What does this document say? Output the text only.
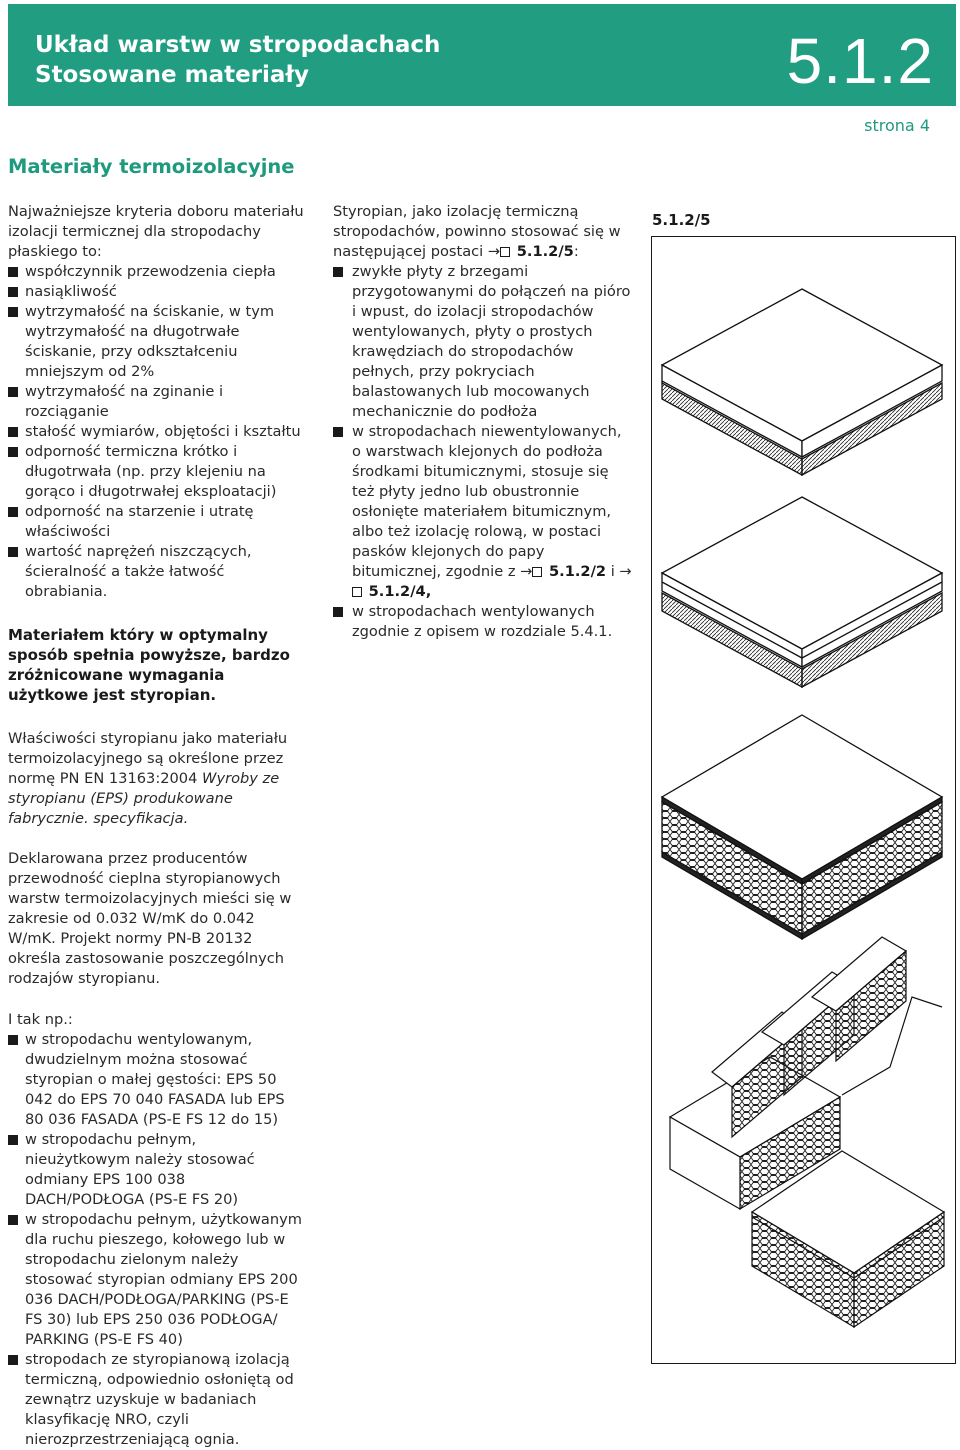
Układ warstw w stropodachach
Stosowane materiały	5.1.2
strona 4
Materiały termoizolacyjne

Najważniejsze kryteria doboru materiału izolacji termicznej dla stropodachy płaskiego to:

współczynnik przewodzenia ciepła
nasiąkliwość
wytrzymałość na ściskanie, w tym wytrzymałość na długotrwałe ściskanie, przy odkształceniu mniejszym od 2%
wytrzymałość na zginanie i rozciąganie
stałość wymiarów, objętości i kształtu
odporność termiczna krótko i długotrwała (np. przy klejeniu na gorąco i długotrwałej eksploatacji)
odporność na starzenie i utratę właściwości
wartość naprężeń niszczących, ścieralność a także łatwość obrabiania.

Materiałem który w optymalny sposób spełnia powyższe, bardzo zróżnicowane wymagania użytkowe jest styropian.

Właściwości styropianu jako materiału termoizolacyjnego są określone przez normę PN EN 13163:2004 Wyroby ze styropianu (EPS) produkowane fabrycznie. specyfikacja.

Deklarowana przez producentów przewodność cieplna styropianowych warstw termoizolacyjnych mieści się w zakresie od 0.032 W/mK do 0.042 W/mK. Projekt normy PN-B 20132 określa zastosowanie poszczególnych rodzajów styropianu.

I tak np.:

w stropodachu wentylowanym, dwudzielnym można stosować styropian o małej gęstości: EPS 50 042 do EPS 70 040 FASADA lub EPS 80 036 FASADA (PS-E FS 12 do 15)
w stropodachu pełnym, nieużytkowym należy stosować odmiany EPS 100 038 DACH/PODŁOGA (PS-E FS 20)
w stropodachu pełnym, użytkowanym dla ruchu pieszego, kołowego lub w stropodachu zielonym należy stosować styropian odmiany EPS 200 036 DACH/PODŁOGA/PARKING (PS-E FS 30) lub EPS 250 036 PODŁOGA/ PARKING (PS-E FS 40)
stropodach ze styropianową izolacją termiczną, odpowiednio osłoniętą od zewnątrz uzyskuje w badaniach klasyfikację NRO, czyli nierozprzestrzeniającą ognia.

Styropian, jako izolację termiczną stropodachów, powinno stosować się w następującej postaci → 5.1.2/5:

zwykłe płyty z brzegami przygotowanymi do połączeń na pióro i wpust, do izolacji stropodachów wentylowanych, płyty o prostych krawędziach do stropodachów pełnych, przy pokryciach balastowanych lub mocowanych mechanicznie do podłoża
w stropodachach niewentylowanych, o warstwach klejonych do podłoża środkami bitumicznymi, stosuje się też płyty jedno lub obustronnie osłonięte materiałem bitumicznym, albo też izolację rolową, w postaci pasków klejonych do papy bitumicznej, zgodnie z → 5.1.2/2 i → 5.1.2/4,
w stropodachach wentylowanych zgodnie z opisem w rozdziale 5.4.1.
5.1.2/5
